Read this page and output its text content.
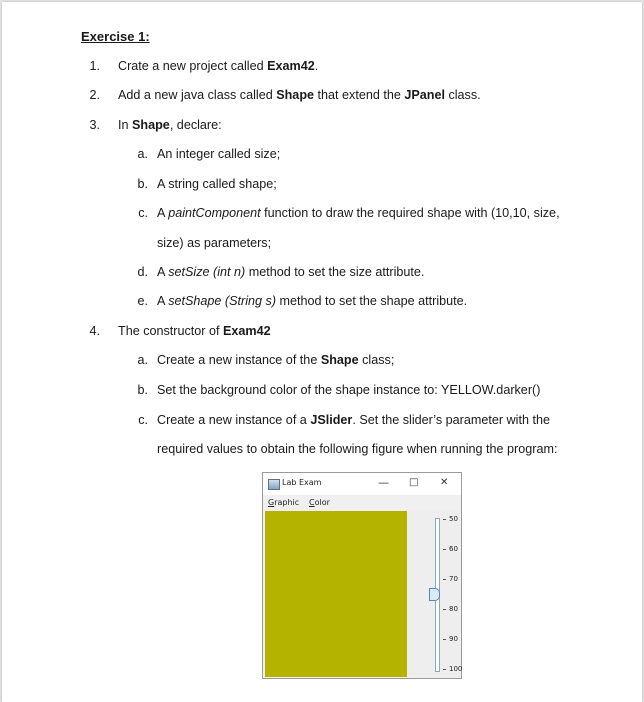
Exercise 1:
1. Crate a new project called Exam42.
2. Add a new java class called Shape that extend the JPanel class.
3. In Shape, declare:
a. An integer called size;
b. A string called shape;
c. A paintComponent function to draw the required shape with (10,10, size,
size) as parameters;
d. A setSize (int n) method to set the size attribute.
e. A setShape (String s) method to set the shape attribute.
4. The constructor of Exam42
a. Create a new instance of the Shape class;
b. Set the background color of the shape instance to: YELLOW.darker()
c. Create a new instance of a JSlider. Set the slider’s parameter with the
required values to obtain the following figure when running the program:
Lab Exam	— □ ✕
Graphic Color
50
60
70
80
90
100
